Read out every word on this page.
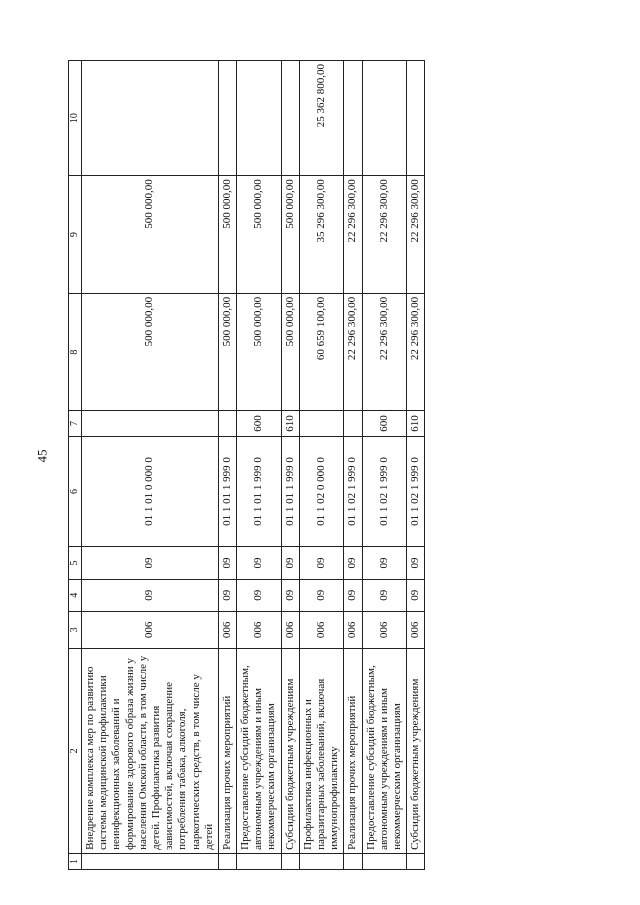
45
1	2	3	4	5	6	7	8	9	10
	Внедрение комплекса мер по развитию системы медицинской профилактики неинфекционных заболеваний и формирование здорового образа жизни у населения Омской области, в том числе у детей. Профилактика развития зависимостей, включая сокращение потребления табака, алкоголя, наркотических средств, в том числе у детей	006	09	09	01 1 01 0 000 0		500 000,00	500 000,00	
	Реализация прочих мероприятий	006	09	09	01 1 01 1 999 0		500 000,00	500 000,00	
	Предоставление субсидий бюджетным, автономным учреждениям и иным некоммерческим организациям	006	09	09	01 1 01 1 999 0	600	500 000,00	500 000,00	
	Субсидии бюджетным учреждениям	006	09	09	01 1 01 1 999 0	610	500 000,00	500 000,00	
	Профилактика инфекционных и паразитарных заболеваний, включая иммунопрофилактику	006	09	09	01 1 02 0 000 0		60 659 100,00	35 296 300,00	25 362 800,00
	Реализация прочих мероприятий	006	09	09	01 1 02 1 999 0		22 296 300,00	22 296 300,00	
	Предоставление субсидий бюджетным, автономным учреждениям и иным некоммерческим организациям	006	09	09	01 1 02 1 999 0	600	22 296 300,00	22 296 300,00	
	Субсидии бюджетным учреждениям	006	09	09	01 1 02 1 999 0	610	22 296 300,00	22 296 300,00	
